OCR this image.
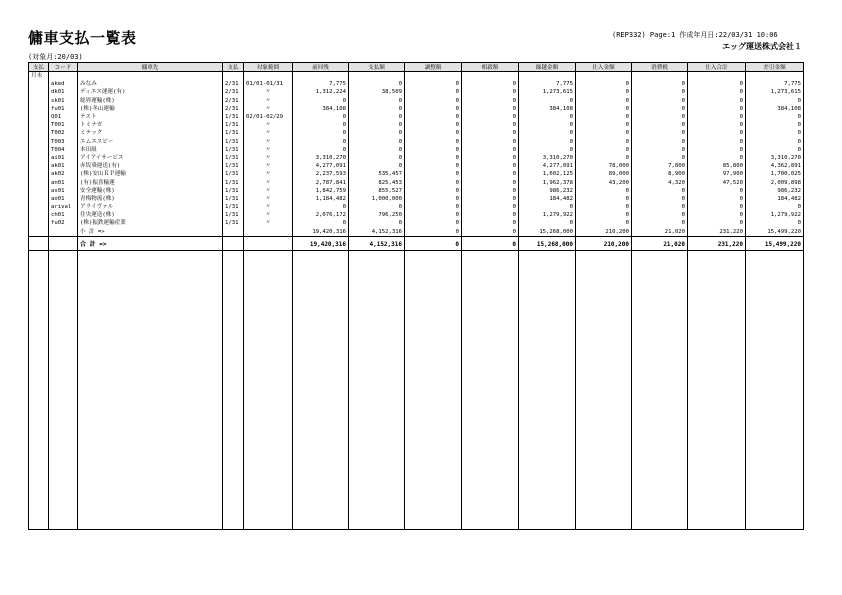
傭車支払一覧表	(REP332) Page:1 作成年月日:22/03/31 10:06
エッグ運送株式会社１
(対象月:20/03)
支払	コード	傭車先	支払	対象範囲	前回残	支払額	調整額	相殺額	繰越金額	仕入金額	消費税	仕入合計	差引金額
月末													
	aked	みなみ	2/31	01/01-01/31	7,775	0	0	0	7,775	0	0	0	7,775
	dk01	ディエス運運(有)	2/31	〃	1,312,224	38,509	0	0	1,273,615	0	0	0	1,273,615
	sk01	総界運輸(株)	2/31	〃	0	0	0	0	0	0	0	0	0
	fu01	(株)冬山運輸	2/31	〃	384,108	0	0	0	384,108	0	0	0	384,108
	Q01	テスト	1/31	02/01-02/29	0	0	0	0	0	0	0	0	0
	T001	トミナガ	1/31	〃	0	0	0	0	0	0	0	0	0
	T002	ミテック	1/31	〃	0	0	0	0	0	0	0	0	0
	T003	エムエスピー	1/31	〃	0	0	0	0	0	0	0	0	0
	T004	本田組	1/31	〃	0	0	0	0	0	0	0	0	0
	ai01	アイアイサービス	1/31	〃	3,310,270	0	0	0	3,310,270	0	0	0	3,310,270
	ak01	赤坂乗運送(有)	1/31	〃	4,277,091	0	0	0	4,277,091	78,000	7,800	85,800	4,362,891
	ak02	(株)安山ＲＰ運輸	1/31	〃	2,237,593	535,457	0	0	1,602,125	89,000	8,900	97,900	1,700,025
	an01	(有)振喜輸運	1/31	〃	2,787,841	825,453	0	0	1,962,378	43,200	4,320	47,520	2,009,898
	as01	安全運輸(株)	1/31	〃	1,842,759	855,527	0	0	986,232	0	0	0	986,232
	ao01	青梅物流(株)	1/31	〃	1,184,482	1,000,000	0	0	184,482	0	0	0	184,482
	arival	アライヴァル	1/31	〃	0	0	0	0	0	0	0	0	0
	ch01	住央運送(株)	1/31	〃	2,076,172	796,250	0	0	1,279,922	0	0	0	1,279,922
	fu02	(株)振鉄運輸産業	1/31	〃	0	0	0	0	0	0	0	0	0
		小 計 =>			19,420,316	4,152,316	0	0	15,268,000	210,200	21,020	231,220	15,499,220

		合 計 =>			19,420,316	4,152,316	0	0	15,268,000	210,200	21,020	231,220	15,499,220
